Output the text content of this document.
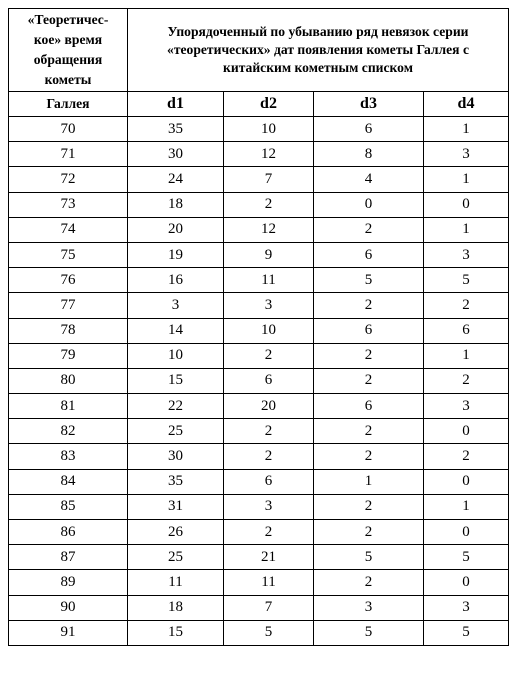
«Теоретичес-
кое» время
обращения
кометы	Упорядоченный по убыванию ряд невязок серии «теоретических» дат появления кометы Галлея с китайским кометным списком			
Галлея	d1	d2	d3	d4
70	35	10	6	1
71	30	12	8	3
72	24	7	4	1
73	18	2	0	0
74	20	12	2	1
75	19	9	6	3
76	16	11	5	5
77	3	3	2	2
78	14	10	6	6
79	10	2	2	1
80	15	6	2	2
81	22	20	6	3
82	25	2	2	0
83	30	2	2	2
84	35	6	1	0
85	31	3	2	1
86	26	2	2	0
87	25	21	5	5
89	11	11	2	0
90	18	7	3	3
91	15	5	5	5
